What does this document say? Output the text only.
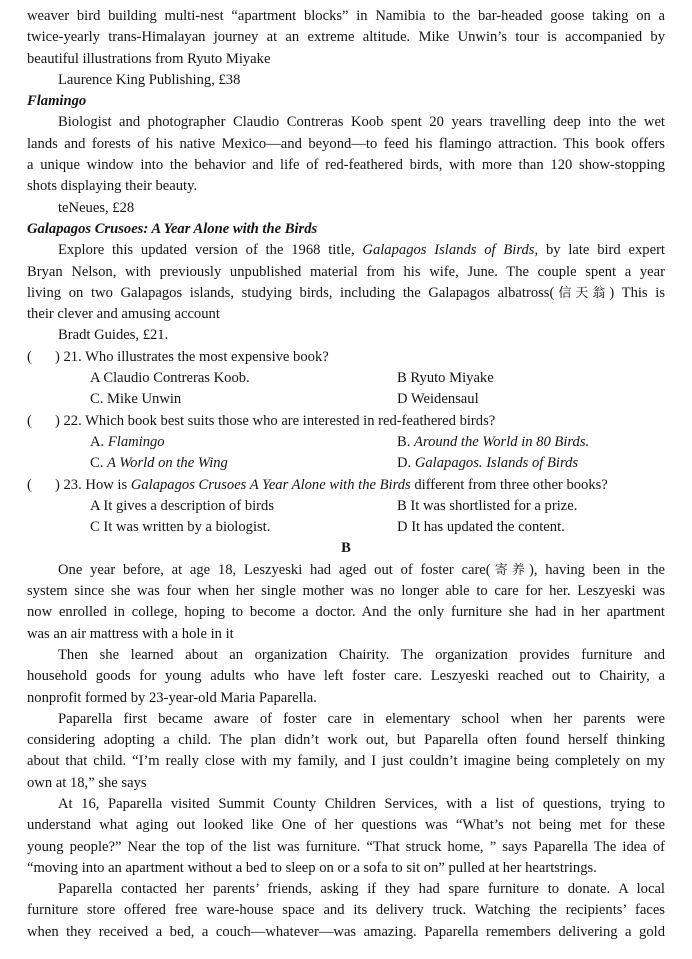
weaver bird building multi-nest “apartment blocks” in Namibia to the bar-headed goose taking on a

twice-yearly trans-Himalayan journey at an extreme altitude. Mike Unwin’s tour is accompanied by

beautiful illustrations from Ryuto Miyake

Laurence King Publishing, £38

Flamingo

Biologist and photographer Claudio Contreras Koob spent 20 years travelling deep into the wet

lands and forests of his native Mexico—and beyond—to feed his flamingo attraction. This book offers

a unique window into the behavior and life of red-feathered birds, with more than 120 show-stopping

shots displaying their beauty.

teNeues, £28

Galapagos Crusoes: A Year Alone with the Birds

Explore this updated version of the 1968 title, Galapagos Islands of Birds, by late bird expert

Bryan Nelson, with previously unpublished material from his wife, June. The couple spent a year

living on two Galapagos islands, studying birds, including the Galapagos albatross(信天翁) This is

their clever and amusing account

Bradt Guides, £21.

( ) 21. Who illustrates the most expensive book?
A Claudio Contreras Koob.	B Ryuto Miyake
C. Mike Unwin	D Weidensaul
( ) 22. Which book best suits those who are interested in red-feathered birds?
A. Flamingo	B. Around the World in 80 Birds.
C. A World on the Wing	D. Galapagos. Islands of Birds
( ) 23. How is Galapagos Crusoes A Year Alone with the Birds different from three other books?
A It gives a description of birds	B It was shortlisted for a prize.
C It was written by a biologist.	D It has updated the content.

B

One year before, at age 18, Leszyeski had aged out of foster care(寄养), having been in the

system since she was four when her single mother was no longer able to care for her. Leszyeski was

now enrolled in college, hoping to become a doctor. And the only furniture she had in her apartment

was an air mattress with a hole in it

Then she learned about an organization Chairity. The organization provides furniture and

household goods for young adults who have left foster care. Leszyeski reached out to Chairity, a

nonprofit formed by 23-year-old Maria Paparella.

Paparella first became aware of foster care in elementary school when her parents were

considering adopting a child. The plan didn’t work out, but Paparella often found herself thinking

about that child. “I’m really close with my family, and I just couldn’t imagine being completely on my

own at 18,” she says

At 16, Paparella visited Summit County Children Services, with a list of questions, trying to

understand what aging out looked like One of her questions was “What’s not being met for these

young people?” Near the top of the list was furniture. “That struck home, ” says Paparella The idea of

“moving into an apartment without a bed to sleep on or a sofa to sit on” pulled at her heartstrings.

Paparella contacted her parents’ friends, asking if they had spare furniture to donate. A local

furniture store offered free ware-house space and its delivery truck. Watching the recipients’ faces

when they received a bed, a couch—whatever—was amazing. Paparella remembers delivering a gold
